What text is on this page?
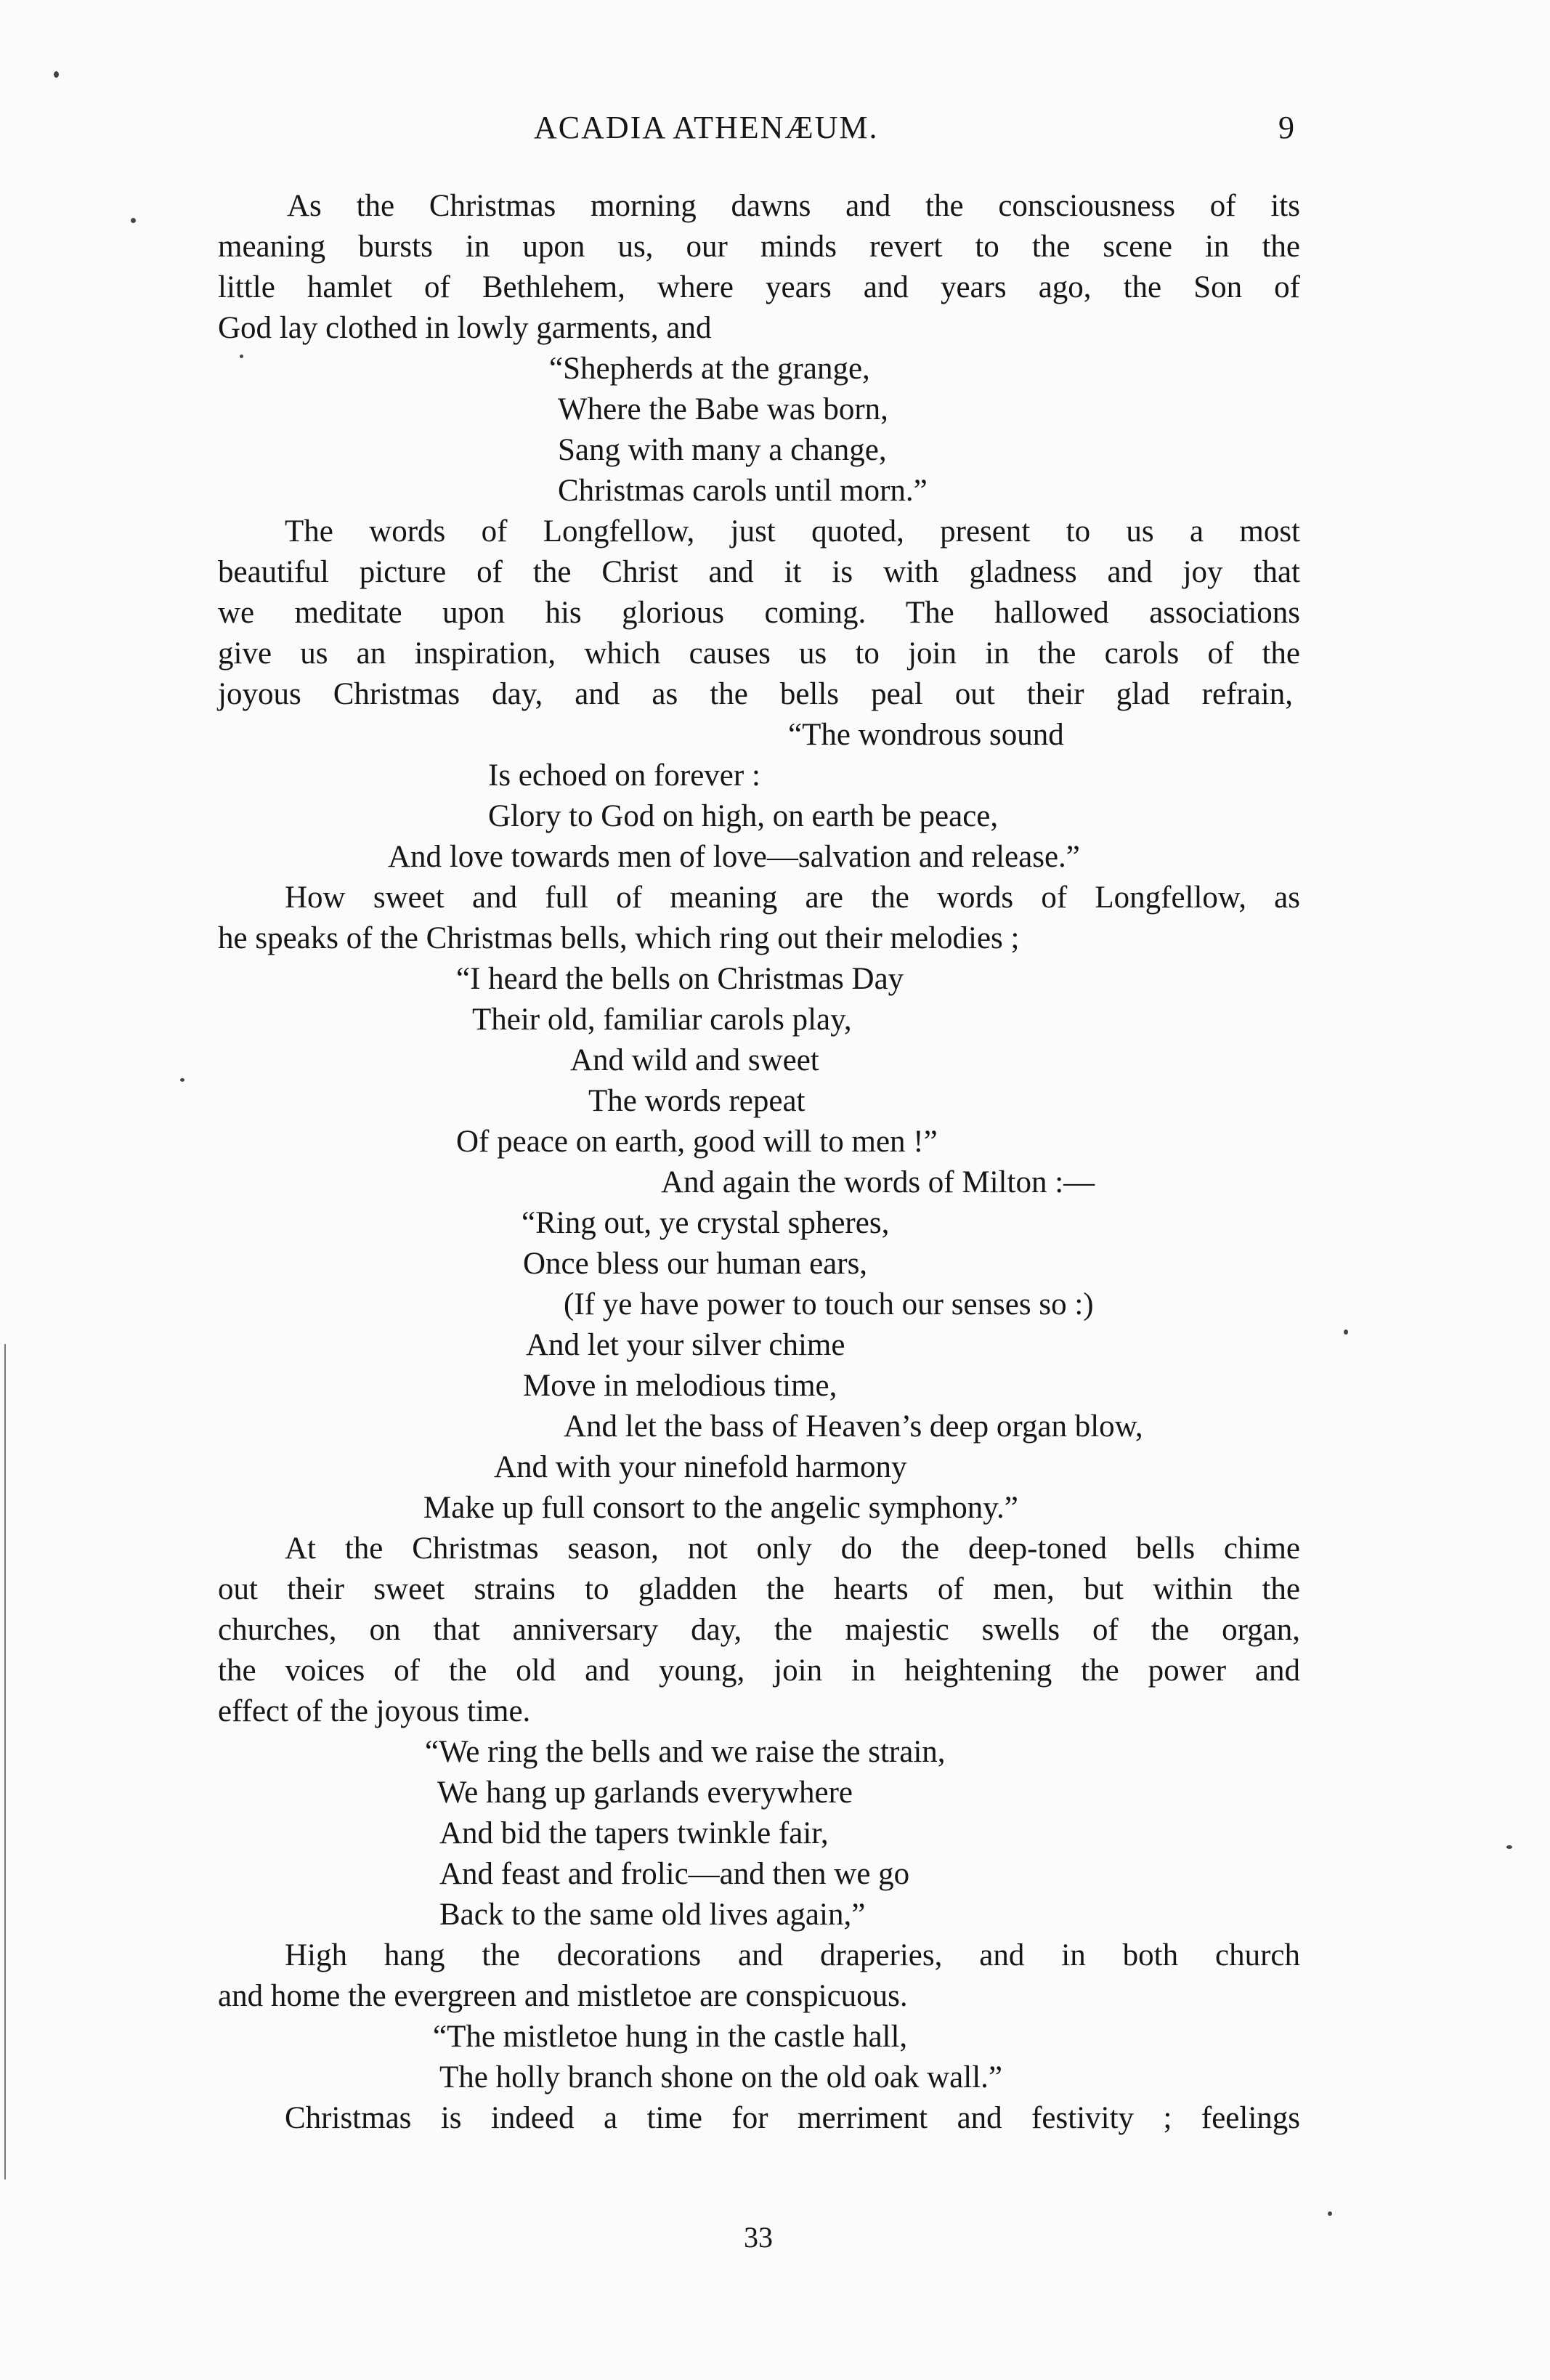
ACADIA ATHENÆUM.	9
As the Christmas morning dawns and the consciousness of its
meaning bursts in upon us, our minds revert to the scene in the
little hamlet of Bethlehem, where years and years ago, the Son of
God lay clothed in lowly garments, and
“Shepherds at the grange,
Where the Babe was born,
Sang with many a change,
Christmas carols until morn.”
The words of Longfellow, just quoted, present to us a most
beautiful picture of the Christ and it is with gladness and joy that
we meditate upon his glorious coming. The hallowed associations
give us an inspiration, which causes us to join in the carols of the
joyous Christmas day, and as the bells peal out their glad refrain,
“The wondrous sound
Is echoed on forever :
Glory to God on high, on earth be peace,
And love towards men of love—salvation and release.”
How sweet and full of meaning are the words of Longfellow, as
he speaks of the Christmas bells, which ring out their melodies ;
“I heard the bells on Christmas Day
Their old, familiar carols play,
And wild and sweet
The words repeat
Of peace on earth, good will to men !”
And again the words of Milton :—
“Ring out, ye crystal spheres,
Once bless our human ears,
(If ye have power to touch our senses so :)
And let your silver chime
Move in melodious time,
And let the bass of Heaven’s deep organ blow,
And with your ninefold harmony
Make up full consort to the angelic symphony.”
At the Christmas season, not only do the deep-toned bells chime
out their sweet strains to gladden the hearts of men, but within the
churches, on that anniversary day, the majestic swells of the organ,
the voices of the old and young, join in heightening the power and
effect of the joyous time.
“We ring the bells and we raise the strain,
We hang up garlands everywhere
And bid the tapers twinkle fair,
And feast and frolic—and then we go
Back to the same old lives again,”
High hang the decorations and draperies, and in both church
and home the evergreen and mistletoe are conspicuous.
“The mistletoe hung in the castle hall,
The holly branch shone on the old oak wall.”
Christmas is indeed a time for merriment and festivity ; feelings
33
